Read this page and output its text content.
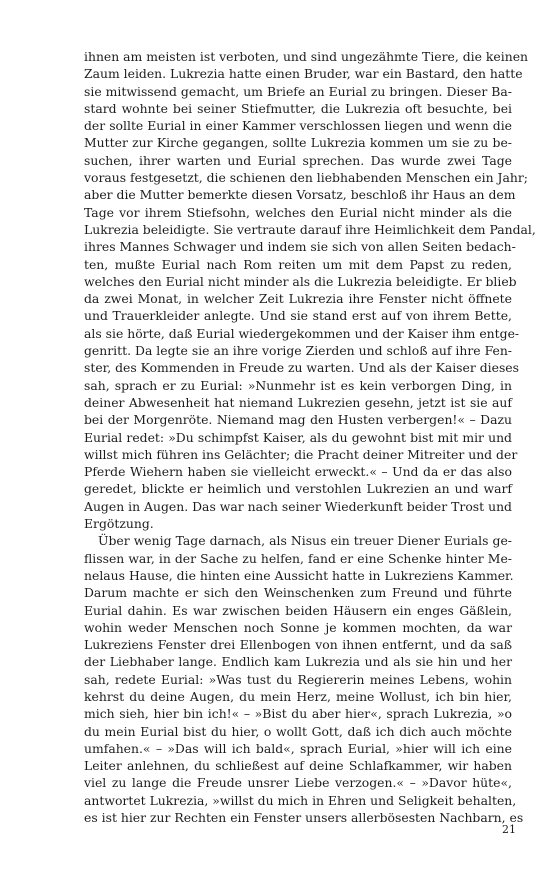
ihnen am meisten ist verboten, und sind ungezähmte Tiere, die keinen
Zaum leiden. Lukrezia hatte einen Bruder, war ein Bastard, den hatte
sie mitwissend gemacht, um Briefe an Eurial zu bringen. Dieser Ba-
stard wohnte bei seiner Stiefmutter, die Lukrezia oft besuchte, bei
der sollte Eurial in einer Kammer verschlossen liegen und wenn die
Mutter zur Kirche gegangen, sollte Lukrezia kommen um sie zu be-
suchen, ihrer warten und Eurial sprechen. Das wurde zwei Tage
voraus festgesetzt, die schienen den liebhabenden Menschen ein Jahr;
aber die Mutter bemerkte diesen Vorsatz, beschloß ihr Haus an dem
Tage vor ihrem Stiefsohn, welches den Eurial nicht minder als die
Lukrezia beleidigte. Sie vertraute darauf ihre Heimlichkeit dem Pandal,
ihres Mannes Schwager und indem sie sich von allen Seiten bedach-
ten, mußte Eurial nach Rom reiten um mit dem Papst zu reden,
welches den Eurial nicht minder als die Lukrezia beleidigte. Er blieb
da zwei Monat, in welcher Zeit Lukrezia ihre Fenster nicht öffnete
und Trauerkleider anlegte. Und sie stand erst auf von ihrem Bette,
als sie hörte, daß Eurial wiedergekommen und der Kaiser ihm entge-
genritt. Da legte sie an ihre vorige Zierden und schloß auf ihre Fen-
ster, des Kommenden in Freude zu warten. Und als der Kaiser dieses
sah, sprach er zu Eurial: »Nunmehr ist es kein verborgen Ding, in
deiner Abwesenheit hat niemand Lukrezien gesehn, jetzt ist sie auf
bei der Morgenröte. Niemand mag den Husten verbergen!« – Dazu
Eurial redet: »Du schimpfst Kaiser, als du gewohnt bist mit mir und
willst mich führen ins Gelächter; die Pracht deiner Mitreiter und der
Pferde Wiehern haben sie vielleicht erweckt.« – Und da er das also
geredet, blickte er heimlich und verstohlen Lukrezien an und warf
Augen in Augen. Das war nach seiner Wiederkunft beider Trost und
Ergötzung.
Über wenig Tage darnach, als Nisus ein treuer Diener Eurials ge-
flissen war, in der Sache zu helfen, fand er eine Schenke hinter Me-
nelaus Hause, die hinten eine Aussicht hatte in Lukreziens Kammer.
Darum machte er sich den Weinschenken zum Freund und führte
Eurial dahin. Es war zwischen beiden Häusern ein enges Gäßlein,
wohin weder Menschen noch Sonne je kommen mochten, da war
Lukreziens Fenster drei Ellenbogen von ihnen entfernt, und da saß
der Liebhaber lange. Endlich kam Lukrezia und als sie hin und her
sah, redete Eurial: »Was tust du Regiererin meines Lebens, wohin
kehrst du deine Augen, du mein Herz, meine Wollust, ich bin hier,
mich sieh, hier bin ich!« – »Bist du aber hier«, sprach Lukrezia, »o
du mein Eurial bist du hier, o wollt Gott, daß ich dich auch möchte
umfahen.« – »Das will ich bald«, sprach Eurial, »hier will ich eine
Leiter anlehnen, du schließest auf deine Schlafkammer, wir haben
viel zu lange die Freude unsrer Liebe verzogen.« – »Davor hüte«,
antwortet Lukrezia, »willst du mich in Ehren und Seligkeit behalten,
es ist hier zur Rechten ein Fenster unsers allerbösesten Nachbarn, es
21
